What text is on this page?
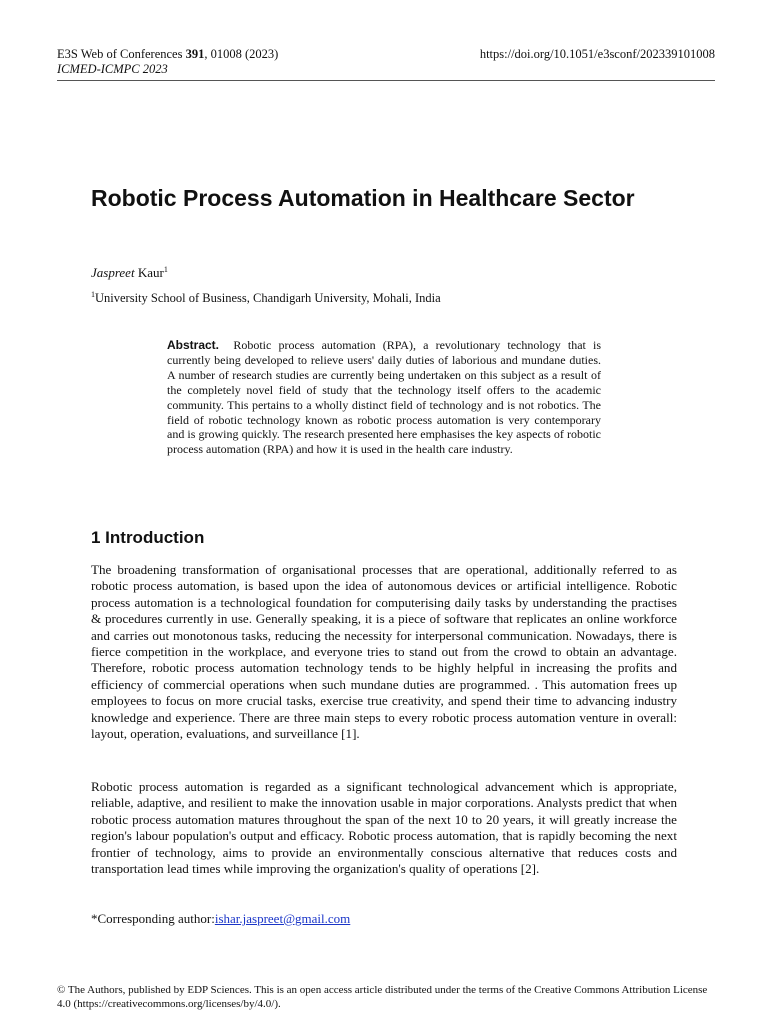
E3S Web of Conferences 391, 01008 (2023)
ICMED-ICMPC 2023
https://doi.org/10.1051/e3sconf/202339101008
Robotic Process Automation in Healthcare Sector
Jaspreet Kaur$^1$
$^1$University School of Business, Chandigarh University, Mohali, India
Abstract. Robotic process automation (RPA), a revolutionary technology that is currently being developed to relieve users' daily duties of laborious and mundane duties. A number of research studies are currently being undertaken on this subject as a result of the completely novel field of study that the technology itself offers to the academic community. This pertains to a wholly distinct field of technology and is not robotics. The field of robotic technology known as robotic process automation is very contemporary and is growing quickly. The research presented here emphasises the key aspects of robotic process automation (RPA) and how it is used in the health care industry.
1 Introduction

The broadening transformation of organisational processes that are operational, additionally referred to as robotic process automation, is based upon the idea of autonomous devices or artificial intelligence. Robotic process automation is a technological foundation for computerising daily tasks by understanding the practises & procedures currently in use. Generally speaking, it is a piece of software that replicates an online workforce and carries out monotonous tasks, reducing the necessity for interpersonal communication. Nowadays, there is fierce competition in the workplace, and everyone tries to stand out from the crowd to obtain an advantage. Therefore, robotic process automation technology tends to be highly helpful in increasing the profits and efficiency of commercial operations when such mundane duties are programmed. . This automation frees up employees to focus on more crucial tasks, exercise true creativity, and spend their time to advancing industry knowledge and experience. There are three main steps to every robotic process automation venture in overall: layout, operation, evaluations, and surveillance [1].

Robotic process automation is regarded as a significant technological advancement which is appropriate, reliable, adaptive, and resilient to make the innovation usable in major corporations. Analysts predict that when robotic process automation matures throughout the span of the next 10 to 20 years, it will greatly increase the region's labour population's output and efficacy. Robotic process automation, that is rapidly becoming the next frontier of technology, aims to provide an environmentally conscious alternative that reduces costs and transportation lead times while improving the organization's quality of operations [2].

*Corresponding author:ishar.jaspreet@gmail.com
© The Authors, published by EDP Sciences. This is an open access article distributed under the terms of the Creative Commons Attribution License 4.0 (https://creativecommons.org/licenses/by/4.0/).
